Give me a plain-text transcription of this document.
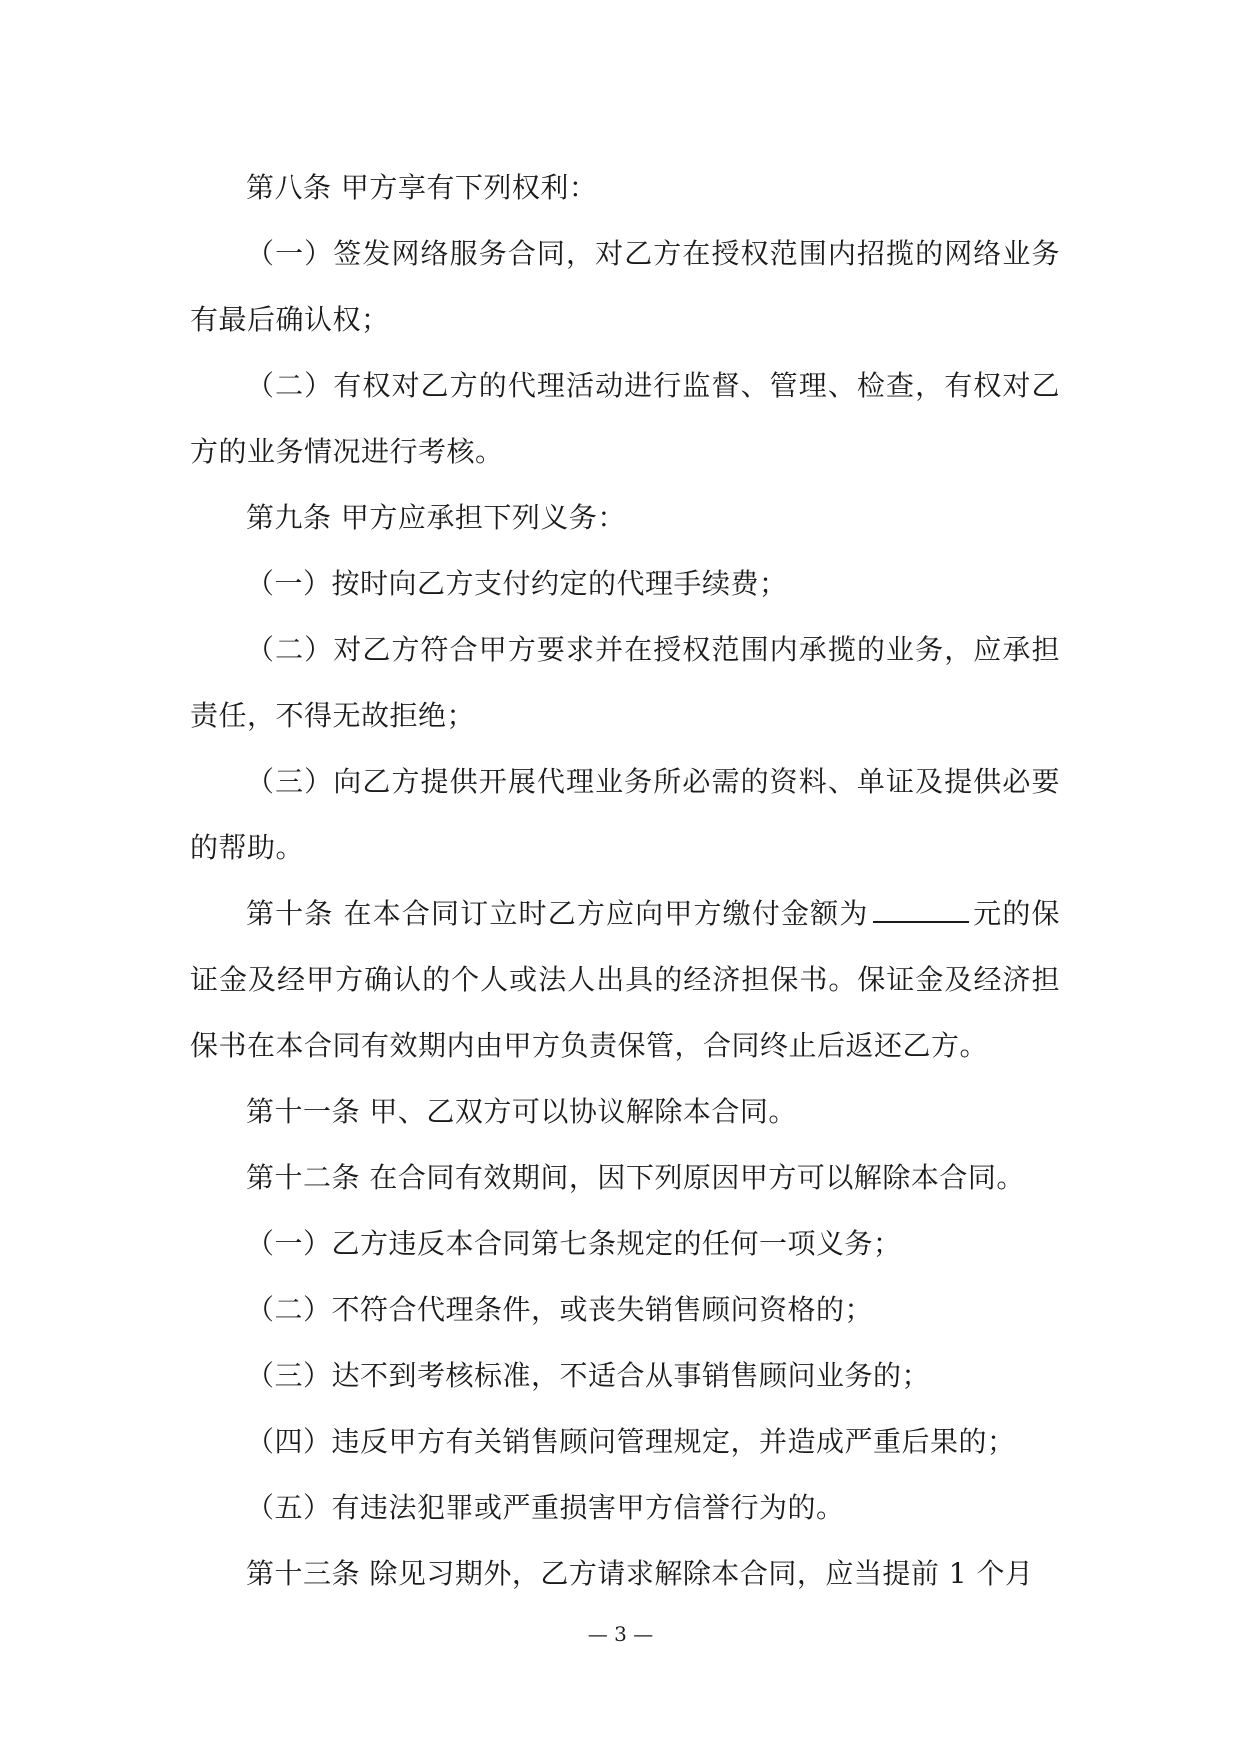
第八条 甲方享有下列权利：

（一）签发网络服务合同，对乙方在授权范围内招揽的网络业务有最后确认权；

（二）有权对乙方的代理活动进行监督、管理、检查，有权对乙方的业务情况进行考核。

第九条 甲方应承担下列义务：

（一）按时向乙方支付约定的代理手续费；

（二）对乙方符合甲方要求并在授权范围内承揽的业务，应承担责任，不得无故拒绝；

（三）向乙方提供开展代理业务所必需的资料、单证及提供必要的帮助。

第十条 在本合同订立时乙方应向甲方缴付金额为	元的保证金及经甲方确认的个人或法人出具的经济担保书。保证金及经济担保书在本合同有效期内由甲方负责保管，合同终止后返还乙方。

第十一条 甲、乙双方可以协议解除本合同。

第十二条 在合同有效期间，因下列原因甲方可以解除本合同。

（一）乙方违反本合同第七条规定的任何一项义务；

（二）不符合代理条件，或丧失销售顾问资格的；

（三）达不到考核标准，不适合从事销售顾问业务的；

（四）违反甲方有关销售顾问管理规定，并造成严重后果的；

（五）有违法犯罪或严重损害甲方信誉行为的。

第十三条 除见习期外，乙方请求解除本合同，应当提前 1 个月

— 3 —
